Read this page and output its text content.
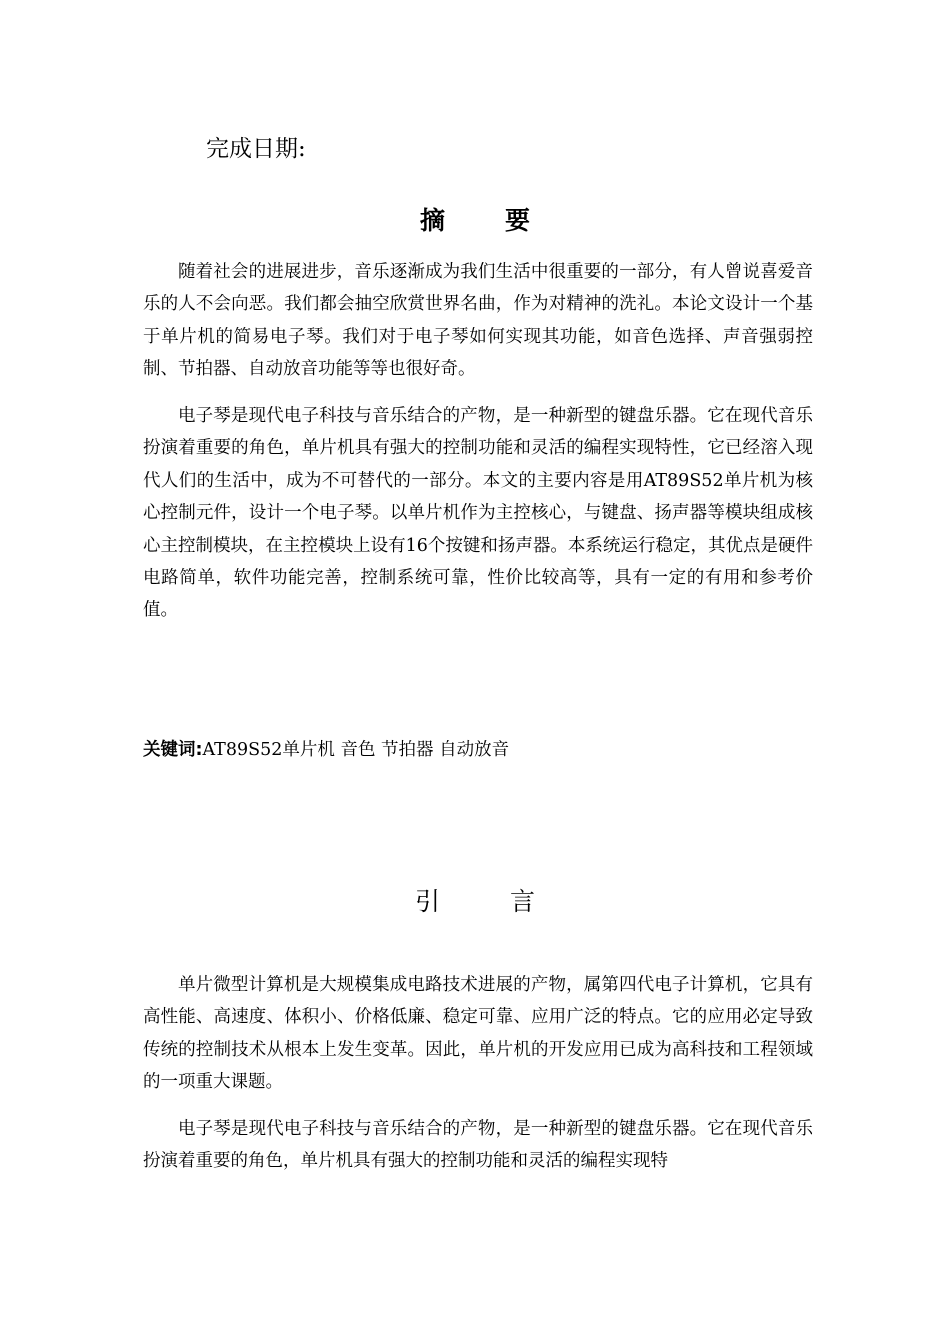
完成日期:
摘　要

随着社会的进展进步，音乐逐渐成为我们生活中很重要的一部分，有人曾说喜爱音乐的人不会向恶。我们都会抽空欣赏世界名曲，作为对精神的洗礼。本论文设计一个基于单片机的简易电子琴。我们对于电子琴如何实现其功能，如音色选择、声音强弱控制、节拍器、自动放音功能等等也很好奇。

电子琴是现代电子科技与音乐结合的产物，是一种新型的键盘乐器。它在现代音乐扮演着重要的角色，单片机具有强大的控制功能和灵活的编程实现特性，它已经溶入现代人们的生活中，成为不可替代的一部分。本文的主要内容是用AT89S52单片机为核心控制元件，设计一个电子琴。以单片机作为主控核心，与键盘、扬声器等模块组成核心主控制模块，在主控模块上设有16个按键和扬声器。本系统运行稳定，其优点是硬件电路简单，软件功能完善，控制系统可靠，性价比较高等，具有一定的有用和参考价值。

关键词:AT89S52单片机 音色 节拍器 自动放音
引　言

单片微型计算机是大规模集成电路技术进展的产物，属第四代电子计算机，它具有高性能、高速度、体积小、价格低廉、稳定可靠、应用广泛的特点。它的应用必定导致传统的控制技术从根本上发生变革。因此，单片机的开发应用已成为高科技和工程领域的一项重大课题。

电子琴是现代电子科技与音乐结合的产物，是一种新型的键盘乐器。它在现代音乐扮演着重要的角色，单片机具有强大的控制功能和灵活的编程实现特
